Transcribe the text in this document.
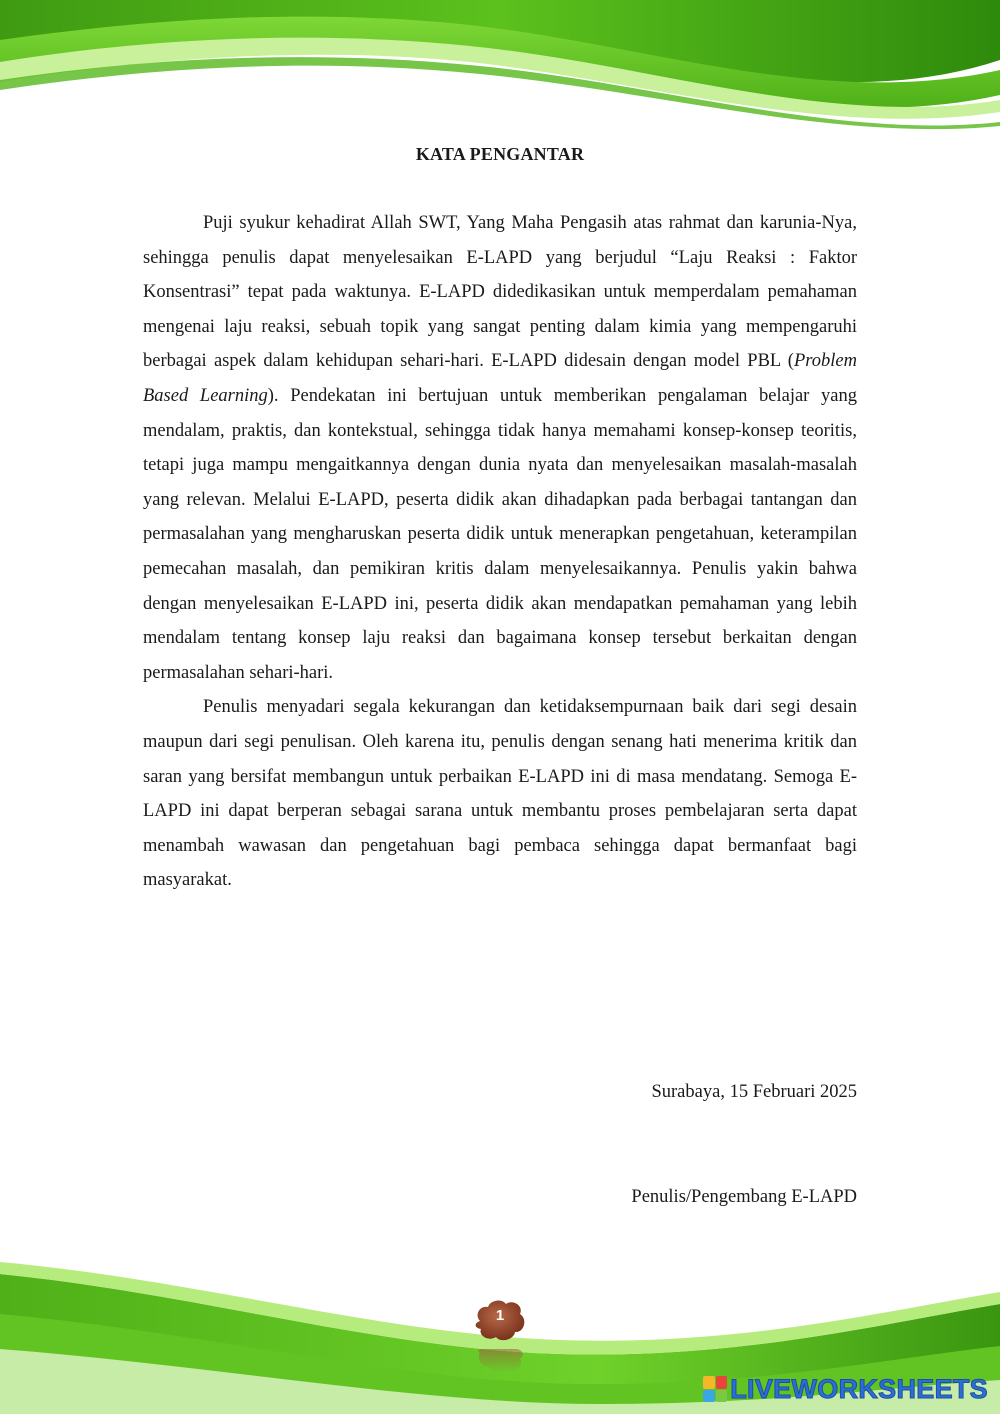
KATA PENGANTAR

Puji syukur kehadirat Allah SWT, Yang Maha Pengasih atas rahmat dan karunia-Nya, sehingga penulis dapat menyelesaikan E-LAPD yang berjudul “Laju Reaksi : Faktor Konsentrasi” tepat pada waktunya. E-LAPD didedikasikan untuk memperdalam pemahaman mengenai laju reaksi, sebuah topik yang sangat penting dalam kimia yang mempengaruhi berbagai aspek dalam kehidupan sehari-hari. E-LAPD didesain dengan model PBL (Problem Based Learning). Pendekatan ini bertujuan untuk memberikan pengalaman belajar yang mendalam, praktis, dan kontekstual, sehingga tidak hanya memahami konsep-konsep teoritis, tetapi juga mampu mengaitkannya dengan dunia nyata dan menyelesaikan masalah-masalah yang relevan. Melalui E-LAPD, peserta didik akan dihadapkan pada berbagai tantangan dan permasalahan yang mengharuskan peserta didik untuk menerapkan pengetahuan, keterampilan pemecahan masalah, dan pemikiran kritis dalam menyelesaikannya. Penulis yakin bahwa dengan menyelesaikan E-LAPD ini, peserta didik akan mendapatkan pemahaman yang lebih mendalam tentang konsep laju reaksi dan bagaimana konsep tersebut berkaitan dengan permasalahan sehari-hari.

Penulis menyadari segala kekurangan dan ketidaksempurnaan baik dari segi desain maupun dari segi penulisan. Oleh karena itu, penulis dengan senang hati menerima kritik dan saran yang bersifat membangun untuk perbaikan E-LAPD ini di masa mendatang. Semoga E-LAPD ini dapat berperan sebagai sarana untuk membantu proses pembelajaran serta dapat menambah wawasan dan pengetahuan bagi pembaca sehingga dapat bermanfaat bagi masyarakat.

Surabaya, 15 Februari 2025
Penulis/Pengembang E-LAPD
1
LIVEWORKSHEETS
